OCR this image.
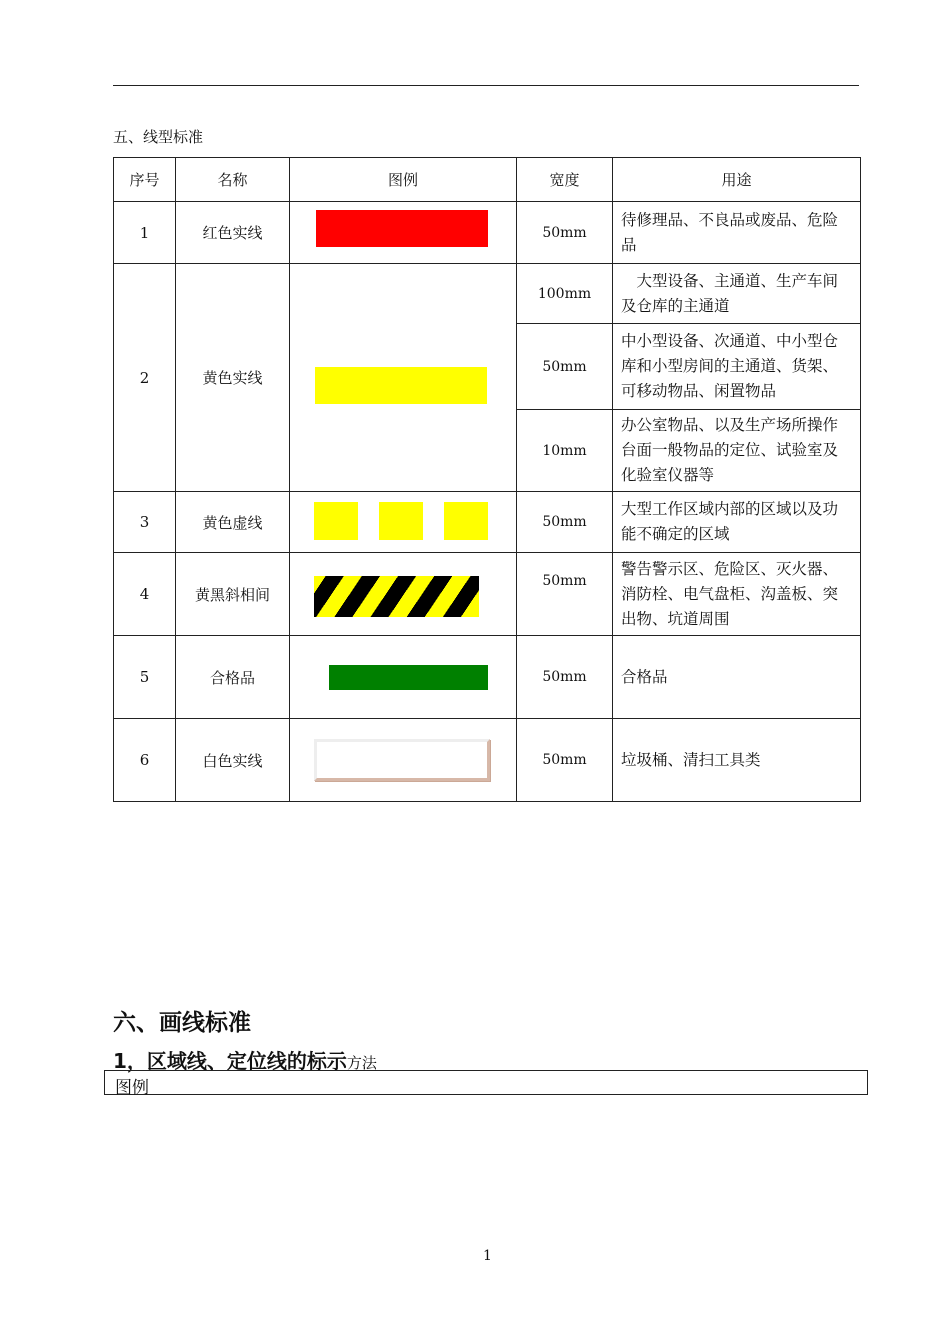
五、线型标准
序号	名称	图例	宽度	用途
1	红色实线		50mm	待修理品、不良品或废品、危险品
2	黄色实线		100mm	　大型设备、主通道、生产车间及仓库的主通道
			50mm	中小型设备、次通道、中小型仓库和小型房间的主通道、货架、可移动物品、闲置物品
			10mm	办公室物品、以及生产场所操作台面一般物品的定位、试验室及化验室仪器等
3	黄色虚线		50mm	大型工作区域内部的区域以及功能不确定的区域
4	黄黑斜相间		50mm	警告警示区、危险区、灭火器、消防栓、电气盘柜、沟盖板、突出物、坑道周围
5	合格品		50mm	合格品
6	白色实线		50mm	垃圾桶、清扫工具类
六、画线标准
1，区域线、定位线的标示方法
图例
1
